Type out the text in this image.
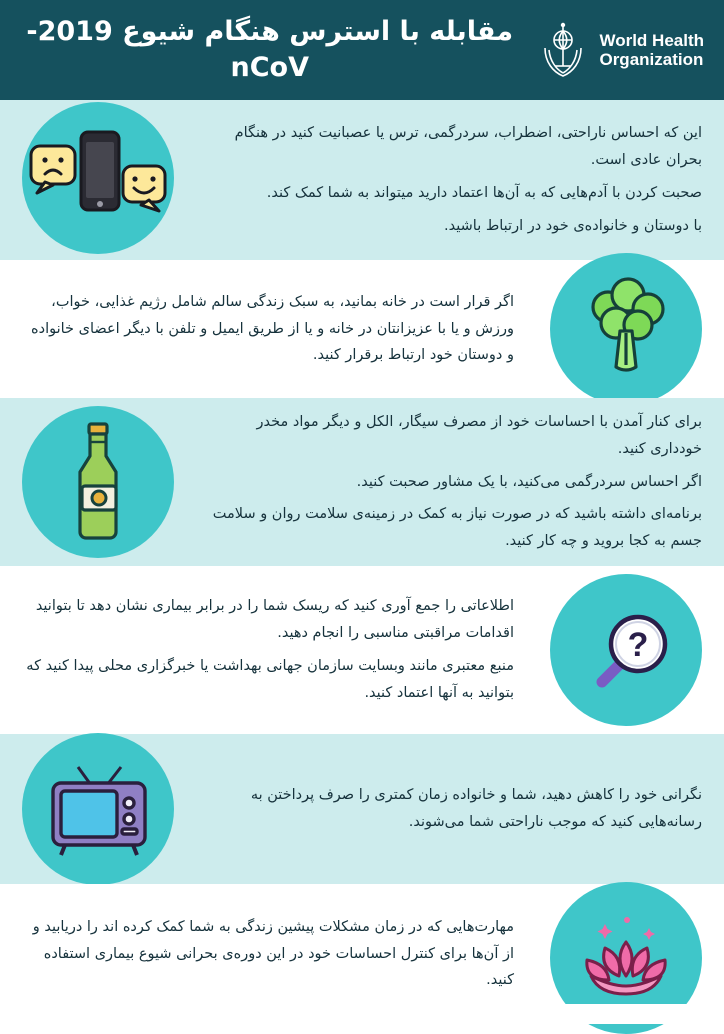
World Health
Organization
مقابله با استرس هنگام شیوع 2019-nCoV

این که احساس ناراحتی، اضطراب، سردرگمی، ترس یا عصبانیت کنید در هنگام بحران عادی است.

صحبت کردن با آدم‌هایی که به آن‌ها اعتماد دارید میتواند به شما کمک کند.

با دوستان و خانواده‌ی خود در ارتباط باشید.

اگر قرار است در خانه بمانید، به سبک زندگی سالم شامل رژیم غذایی، خواب، ورزش و یا با عزیزانتان در خانه و یا از طریق ایمیل و تلفن با دیگر اعضای خانواده و دوستان خود ارتباط برقرار کنید.

برای کنار آمدن با احساسات خود از مصرف سیگار، الکل و دیگر مواد مخدر خودداری کنید.

اگر احساس سردرگمی می‌کنید، با یک مشاور صحبت کنید.

برنامه‌ای داشته باشید که در صورت نیاز به کمک در زمینه‌ی سلامت روان و سلامت جسم به کجا بروید و چه کار کنید.

?

اطلاعاتی را جمع آوری کنید که ریسک شما را در برابر بیماری نشان دهد تا بتوانید اقدامات مراقبتی مناسبی را انجام دهید.

منبع معتبری مانند وبسایت سازمان جهانی بهداشت یا خبرگزاری محلی پیدا کنید که بتوانید به آنها اعتماد کنید.

نگرانی خود را کاهش دهید، شما و خانواده زمان کمتری را صرف پرداختن به رسانه‌هایی کنید که موجب ناراحتی شما می‌شوند.

مهارت‌هایی که در زمان مشکلات پیشین زندگی به شما کمک کرده اند را دریابید و از آن‌ها برای کنترل احساسات خود در این دوره‌ی بحرانی شیوع بیماری استفاده کنید.
